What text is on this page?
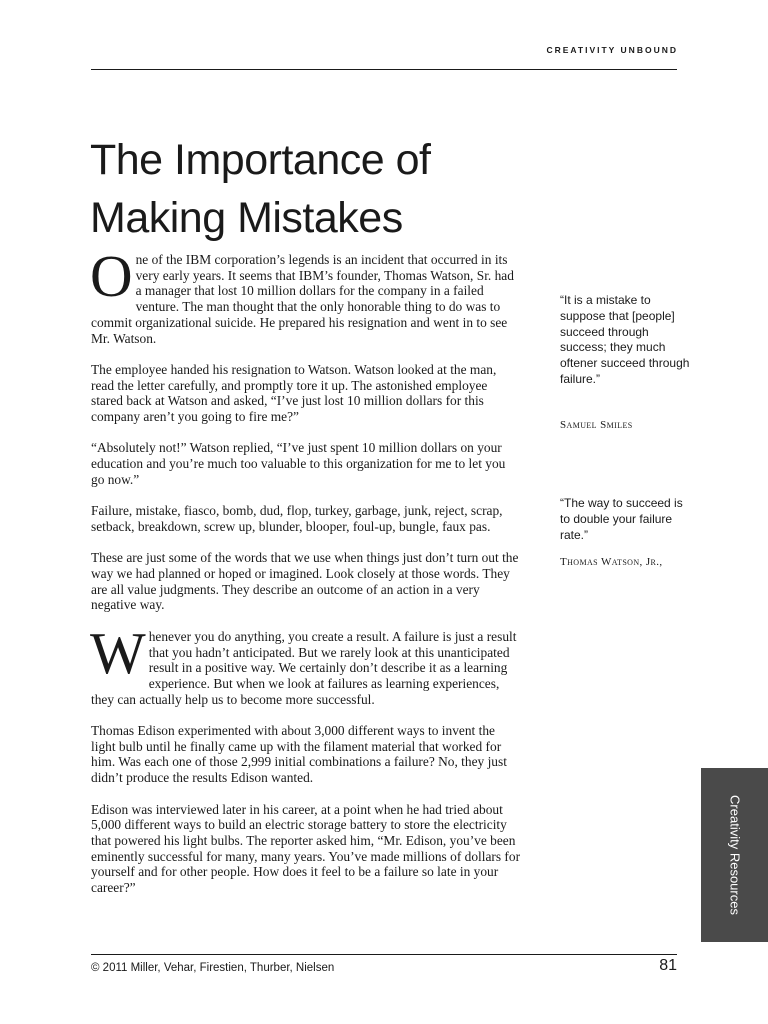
CREATIVITY UNBOUND
The Importance of
Making Mistakes

One of the IBM corporation’s legends is an incident that occurred in its very early years. It seems that IBM’s founder, Thomas Watson, Sr. had a manager that lost 10 million dollars for the company in a failed venture. The man thought that the only honorable thing to do was to commit organizational suicide. He prepared his resignation and went in to see Mr. Watson.

The employee handed his resignation to Watson. Watson looked at the man, read the letter carefully, and promptly tore it up. The astonished employee stared back at Watson and asked, “I’ve just lost 10 million dollars for this company aren’t you going to fire me?”

“Absolutely not!” Watson replied, “I’ve just spent 10 million dollars on your education and you’re much too valuable to this organization for me to let you go now.”

Failure, mistake, fiasco, bomb, dud, flop, turkey, garbage, junk, reject, scrap, setback, breakdown, screw up, blunder, blooper, foul-up, bungle, faux pas.

These are just some of the words that we use when things just don’t turn out the way we had planned or hoped or imagined. Look closely at those words. They are all value judgments. They describe an outcome of an action in a very negative way.

Whenever you do anything, you create a result. A failure is just a result that you hadn’t anticipated. But we rarely look at this unanticipated result in a positive way. We certainly don’t describe it as a learning experience. But when we look at failures as learning experiences, they can actually help us to become more successful.

Thomas Edison experimented with about 3,000 different ways to invent the light bulb until he finally came up with the filament material that worked for him. Was each one of those 2,999 initial combinations a failure? No, they just didn’t produce the results Edison wanted.

Edison was interviewed later in his career, at a point when he had tried about 5,000 different ways to build an electric storage battery to store the electricity that powered his light bulbs. The reporter asked him, “Mr. Edison, you’ve been eminently successful for many, many years. You’ve made millions of dollars for yourself and for other people. How does it feel to be a failure so late in your career?”

“It is a mistake to suppose that [people] succeed through success; they much oftener succeed through failure.”

Samuel Smiles

“The way to succeed is to double your failure rate.”

Thomas Watson, Jr.,

Creativity Resources
© 2011 Miller, Vehar, Firestien, Thurber, Nielsen	81
